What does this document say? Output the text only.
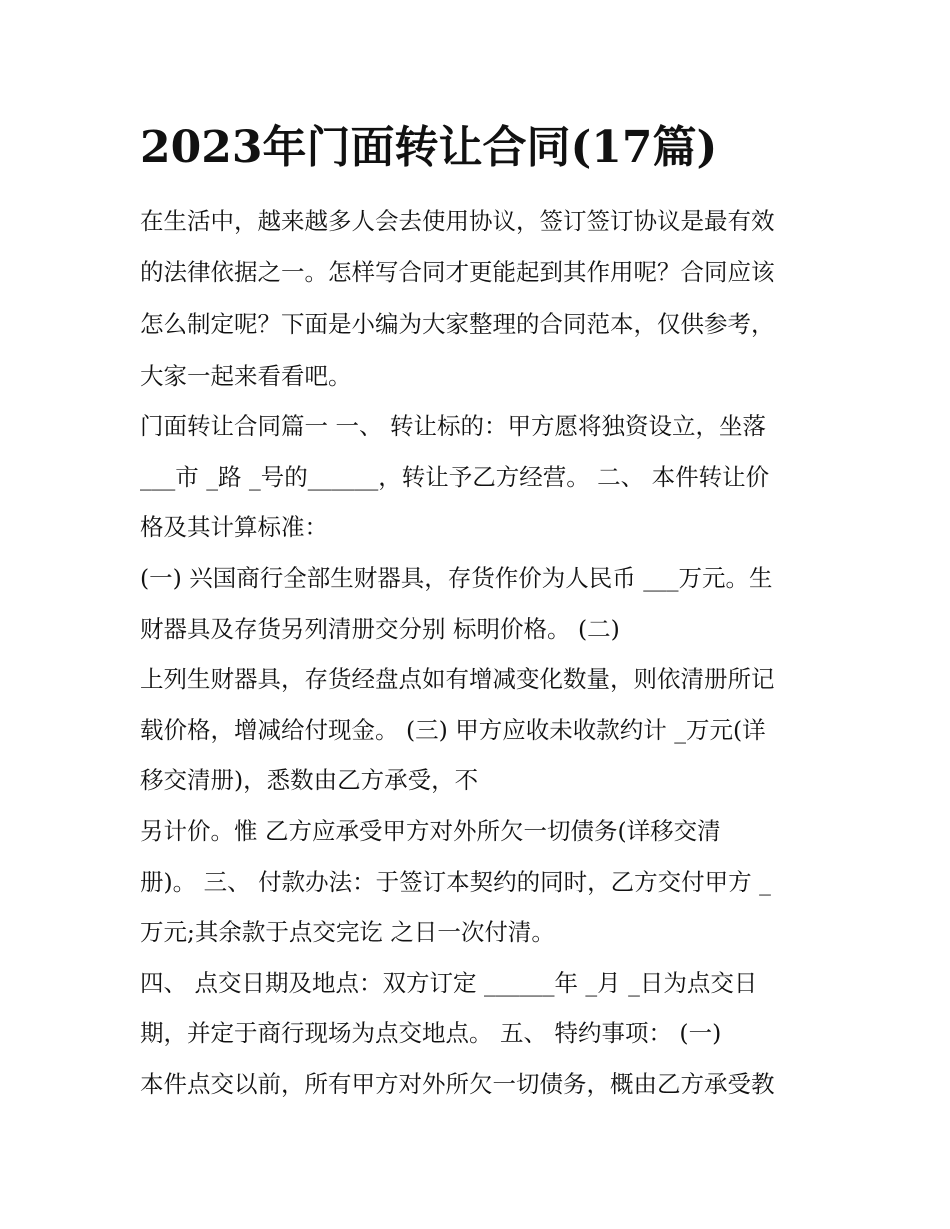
2023年门面转让合同(17篇)

在生活中，越来越多人会去使用协议，签订签订协议是最有效

的法律依据之一。怎样写合同才更能起到其作用呢？合同应该

怎么制定呢？下面是小编为大家整理的合同范本，仅供参考，

大家一起来看看吧。

门面转让合同篇一 一、 转让标的：甲方愿将独资设立，坐落

___市 _路 _号的______，转让予乙方经营。 二、 本件转让价

格及其计算标准：

(一) 兴国商行全部生财器具，存货作价为人民币 ___万元。生

财器具及存货另列清册交分别 标明价格。 (二)

上列生财器具，存货经盘点如有增减变化数量，则依清册所记

载价格，增减给付现金。 (三) 甲方应收未收款约计 _万元(详

移交清册)，悉数由乙方承受，不

另计价。惟 乙方应承受甲方对外所欠一切债务(详移交清

册)。 三、 付款办法：于签订本契约的同时，乙方交付甲方 _

万元;其余款于点交完讫 之日一次付清。

四、 点交日期及地点：双方订定 ______年 _月 _日为点交日

期，并定于商行现场为点交地点。 五、 特约事项： (一)

本件点交以前，所有甲方对外所欠一切债务，概由乙方承受教
